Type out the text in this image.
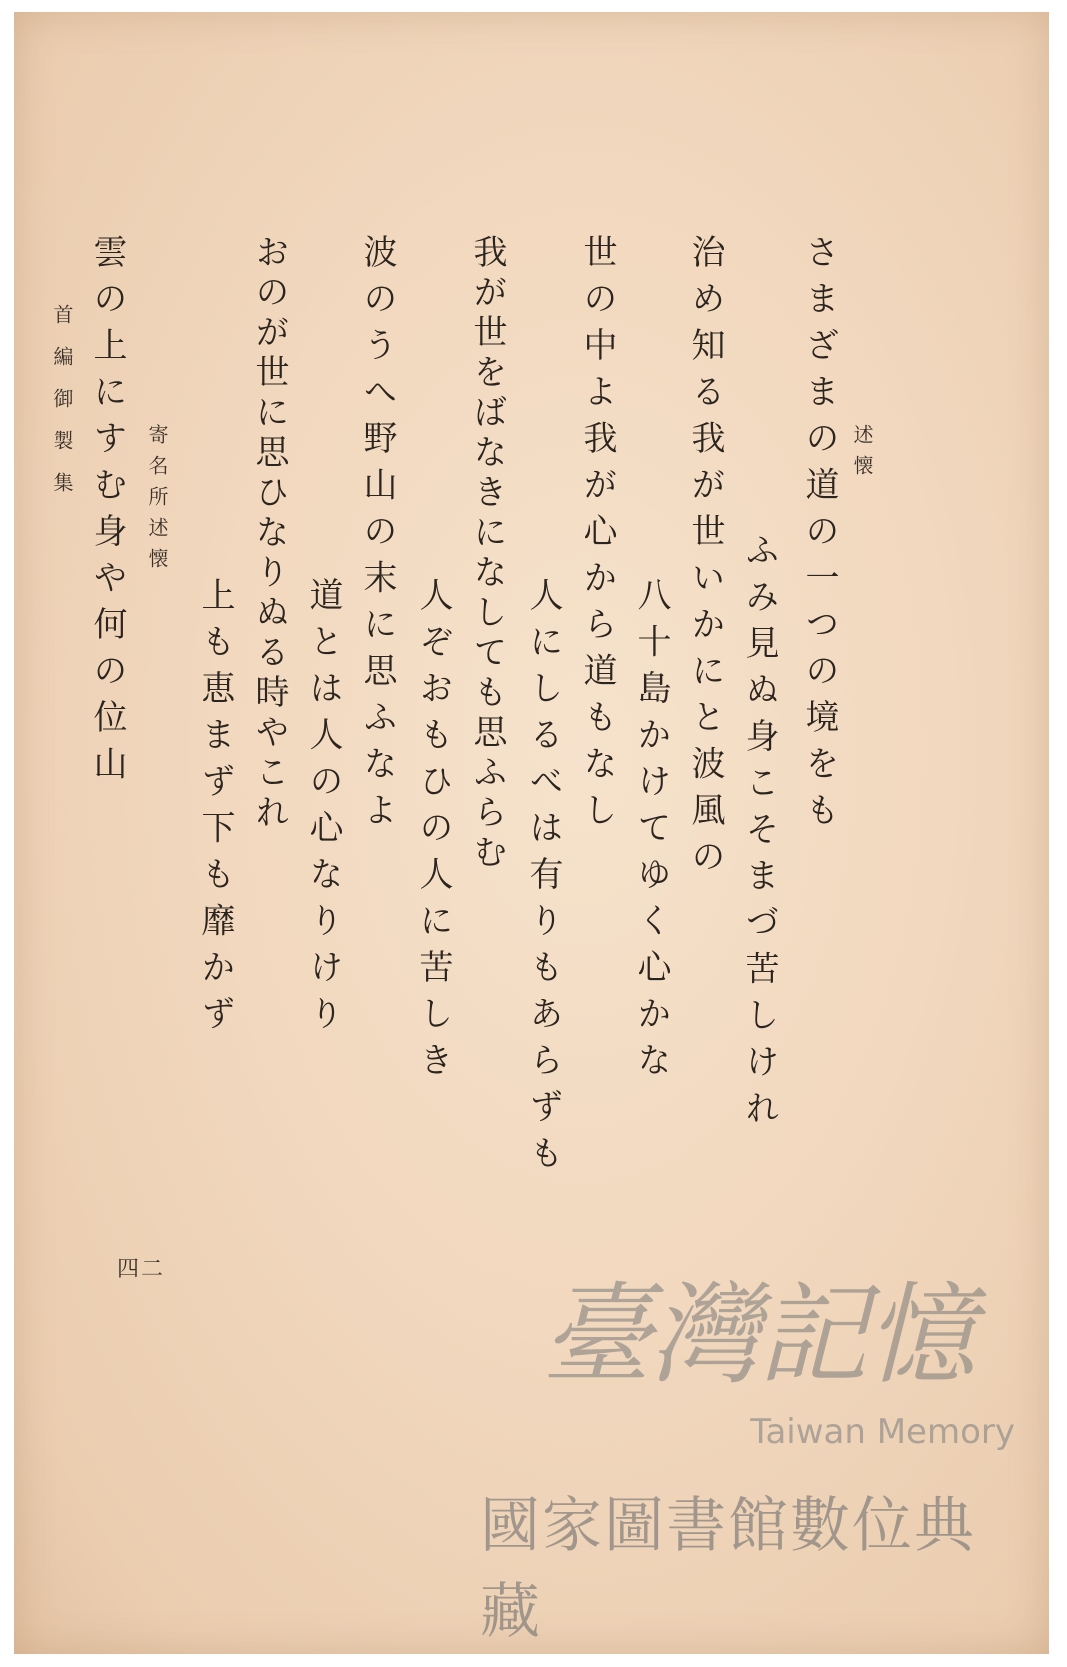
述懐
さまざまの道の一つの境をも
ふみ見ぬ身こそまづ苦しけれ
治め知る我が世いかにと波風の
八十島かけてゆく心かな
世の中よ我が心から道もなし
人にしるべは有りもあらずも
我が世をばなきになしても思ふらむ
人ぞおもひの人に苦しき
波のうへ野山の末に思ふなよ
道とは人の心なりけり
おのが世に思ひなりぬる時やこれ
上も恵まず下も靡かず
寄名所述懐
雲の上にすむ身や何の位山
首編御製集
四二
臺灣記憶
Taiwan Memory
國家圖書館數位典藏
